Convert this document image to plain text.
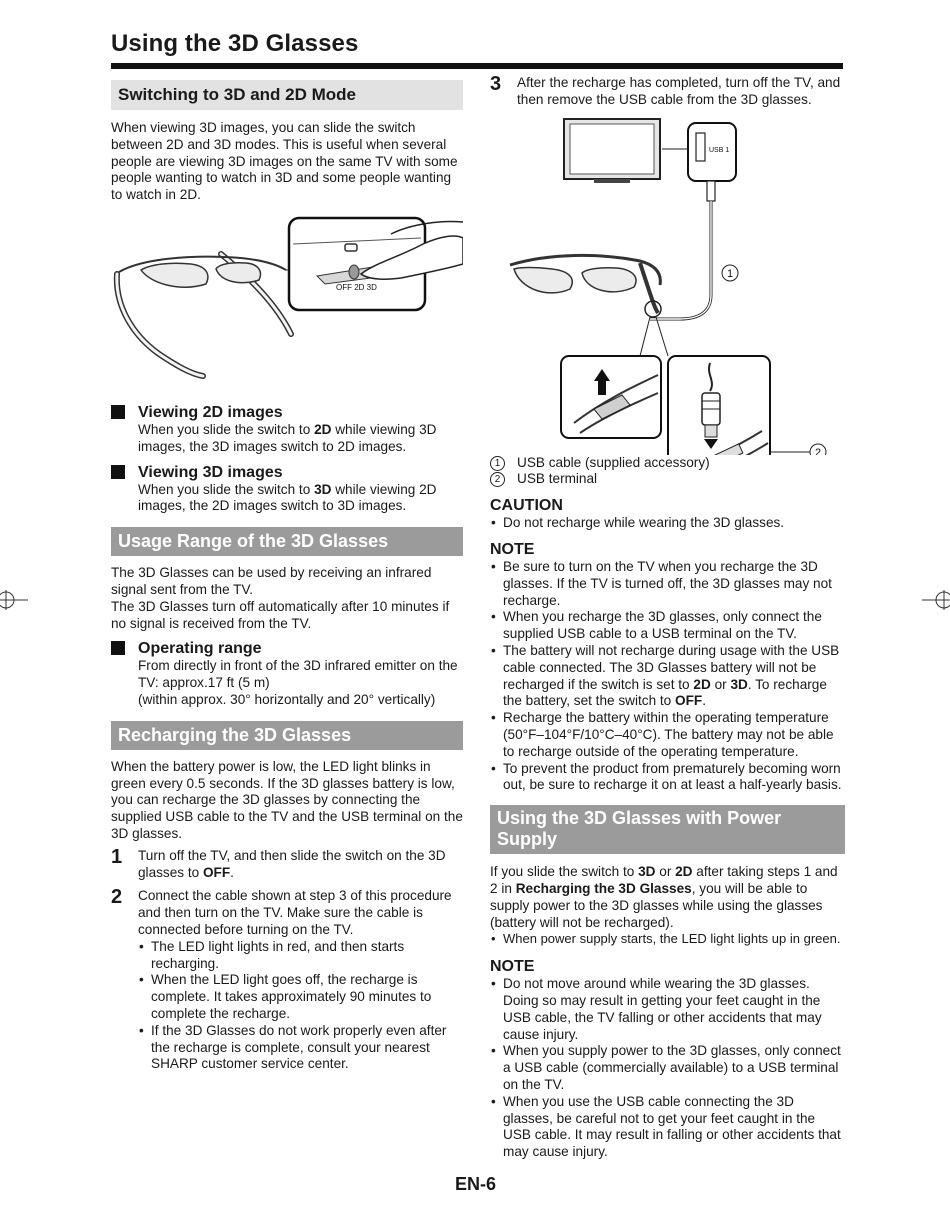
Using the 3D Glasses
Switching to 3D and 2D Mode

When viewing 3D images, you can slide the switch between 2D and 3D modes. This is useful when several people are viewing 3D images on the same TV with some people wanting to watch in 3D and some people wanting to watch in 2D.

OFF 2D 3D
Viewing 2D images
When you slide the switch to 2D while viewing 3D images, the 3D images switch to 2D images.
Viewing 3D images
When you slide the switch to 3D while viewing 2D images, the 2D images switch to 3D images.
Usage Range of the 3D Glasses

The 3D Glasses can be used by receiving an infrared signal sent from the TV.

The 3D Glasses turn off automatically after 10 minutes if no signal is received from the TV.

Operating range
From directly in front of the 3D infrared emitter on the TV: approx.17 ft (5 m)
(within approx. 30° horizontally and 20° vertically)
Recharging the 3D Glasses

When the battery power is low, the LED light blinks in green every 0.5 seconds. If the 3D glasses battery is low, you can recharge the 3D glasses by connecting the supplied USB cable to the TV and the USB terminal on the 3D glasses.

1	Turn off the TV, and then slide the switch on the 3D glasses to OFF.
2	Connect the cable shown at step 3 of this procedure and then turn on the TV. Make sure the cable is connected before turning on the TV.
• The LED light lights in red, and then starts recharging.
• When the LED light goes off, the recharge is complete. It takes approximately 90 minutes to complete the recharge.
• If the 3D Glasses do not work properly even after the recharge is complete, consult your nearest SHARP customer service center.
3	After the recharge has completed, turn off the TV, and then remove the USB cable from the 3D glasses.
USB 1
1
2
1	USB cable (supplied accessory)
2	USB terminal
CAUTION
• Do not recharge while wearing the 3D glasses.
NOTE
• Be sure to turn on the TV when you recharge the 3D glasses. If the TV is turned off, the 3D glasses may not recharge.
• When you recharge the 3D glasses, only connect the supplied USB cable to a USB terminal on the TV.
• The battery will not recharge during usage with the USB cable connected. The 3D Glasses battery will not be recharged if the switch is set to 2D or 3D. To recharge the battery, set the switch to OFF.
• Recharge the battery within the operating temperature (50°F–104°F/10°C–40°C). The battery may not be able to recharge outside of the operating temperature.
• To prevent the product from prematurely becoming worn out, be sure to recharge it on at least a half-yearly basis.
Using the 3D Glasses with Power Supply

If you slide the switch to 3D or 2D after taking steps 1 and 2 in Recharging the 3D Glasses, you will be able to supply power to the 3D glasses while using the glasses (battery will not be recharged).

• When power supply starts, the LED light lights up in green.
NOTE
• Do not move around while wearing the 3D glasses. Doing so may result in getting your feet caught in the USB cable, the TV falling or other accidents that may cause injury.
• When you supply power to the 3D glasses, only connect a USB cable (commercially available) to a USB terminal on the TV.
• When you use the USB cable connecting the 3D glasses, be careful not to get your feet caught in the USB cable. It may result in falling or other accidents that may cause injury.
EN-6
